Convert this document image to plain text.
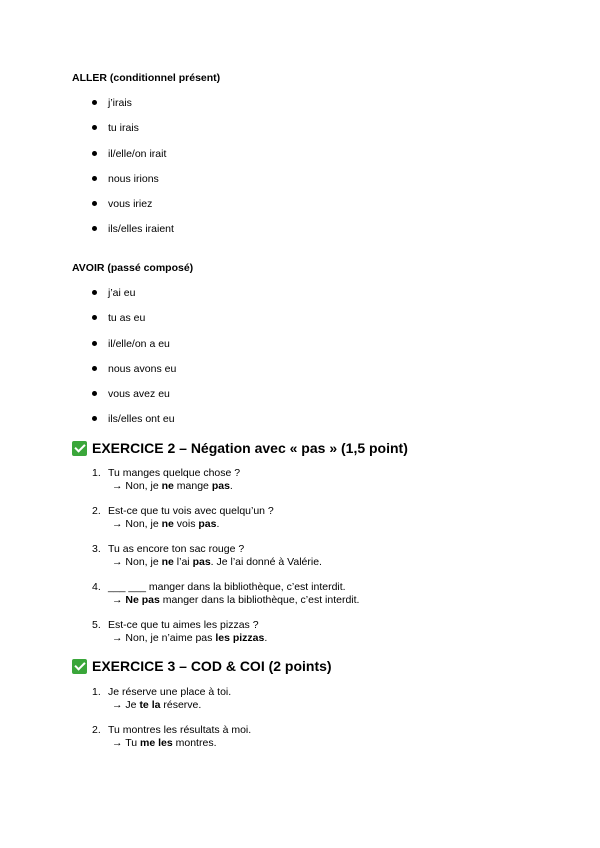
ALLER (conditionnel présent)
j’irais
tu irais
il/elle/on irait
nous irions
vous iriez
ils/elles iraient
AVOIR (passé composé)
j’ai eu
tu as eu
il/elle/on a eu
nous avons eu
vous avez eu
ils/elles ont eu
EXERCICE 2 – Négation avec « pas » (1,5 point)
1. Tu manges quelque chose ?
→ Non, je ne mange pas.
2. Est-ce que tu vois avec quelqu’un ?
→ Non, je ne vois pas.
3. Tu as encore ton sac rouge ?
→ Non, je ne l’ai pas. Je l’ai donné à Valérie.
4. ___ ___ manger dans la bibliothèque, c’est interdit.
→ Ne pas manger dans la bibliothèque, c’est interdit.
5. Est-ce que tu aimes les pizzas ?
→ Non, je n’aime pas les pizzas.
EXERCICE 3 – COD & COI (2 points)
1. Je réserve une place à toi.
→ Je te la réserve.
2. Tu montres les résultats à moi.
→ Tu me les montres.
